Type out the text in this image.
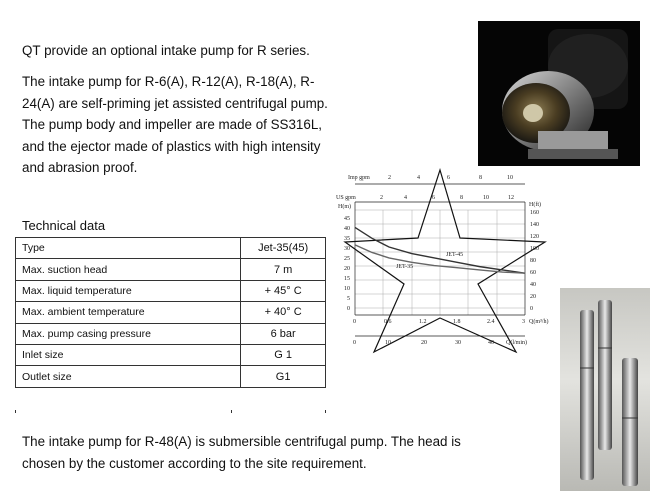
QT provide an optional intake pump for R series.
The intake pump for R-6(A), R-12(A), R-18(A), R-24(A) are self-priming jet assisted centrifugal pump. The pump body and impeller are made of SS316L, and the ejector made of plastics with high intensity and abrasion proof.
Technical data
Type	Jet-35(45)
Max. suction head	7 m
Max. liquid temperature	+ 45° C
Max. ambient temperature	+ 40° C
Max. pump casing pressure	6 bar
Inlet size	G 1
Outlet size	G1
Imp gpm	2	4	6	8	10
US gpm	2	4	6	8	10	12
H(m)
45
40
35
30
25
20
15
10
5
0
H(ft)
160
140
120
100
80
60
40
20
0
0	0.6	1.2	1.8	2.4	3 Q(m³/h)
0	10	20	30	40 Q(l/min)
JET-45
JET-35
The intake pump for R-48(A) is submersible centrifugal pump. The head is chosen by the customer according to the site requirement.
